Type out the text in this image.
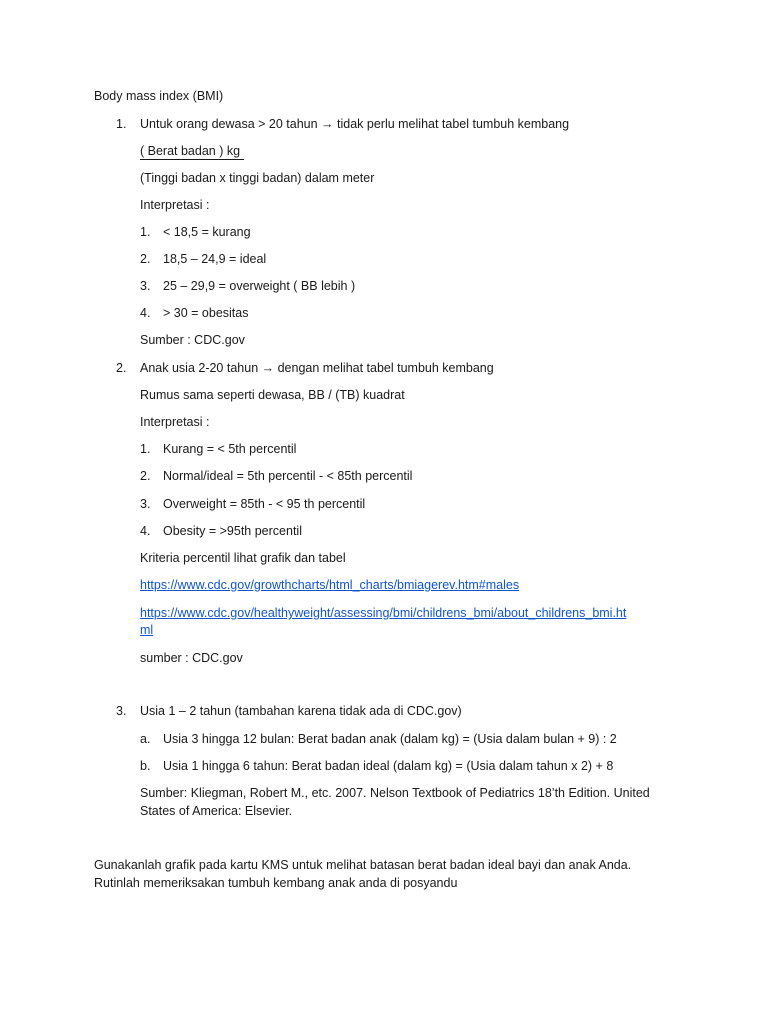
Body mass index (BMI)
1. Untuk orang dewasa > 20 tahun → tidak perlu melihat tabel tumbuh kembang
( Berat badan ) kg
(Tinggi badan x tinggi badan) dalam meter
Interpretasi :
1. < 18,5 = kurang
2. 18,5 – 24,9 = ideal
3. 25 – 29,9 = overweight ( BB lebih )
4. > 30 = obesitas
Sumber : CDC.gov
2. Anak usia 2-20 tahun → dengan melihat tabel tumbuh kembang
Rumus sama seperti dewasa, BB / (TB) kuadrat
Interpretasi :
1. Kurang = < 5th percentil
2. Normal/ideal = 5th percentil - < 85th percentil
3. Overweight = 85th - < 95 th percentil
4. Obesity = >95th percentil
Kriteria percentil lihat grafik dan tabel
https://www.cdc.gov/growthcharts/html_charts/bmiagerev.htm#males
https://www.cdc.gov/healthyweight/assessing/bmi/childrens_bmi/about_childrens_bmi.ht
ml
sumber : CDC.gov
3. Usia 1 – 2 tahun (tambahan karena tidak ada di CDC.gov)
a. Usia 3 hingga 12 bulan: Berat badan anak (dalam kg) = (Usia dalam bulan + 9) : 2
b. Usia 1 hingga 6 tahun: Berat badan ideal (dalam kg) = (Usia dalam tahun x 2) + 8
Sumber: Kliegman, Robert M., etc. 2007. Nelson Textbook of Pediatrics 18’th Edition. United
States of America: Elsevier.
Gunakanlah grafik pada kartu KMS untuk melihat batasan berat badan ideal bayi dan anak Anda.
Rutinlah memeriksakan tumbuh kembang anak anda di posyandu
